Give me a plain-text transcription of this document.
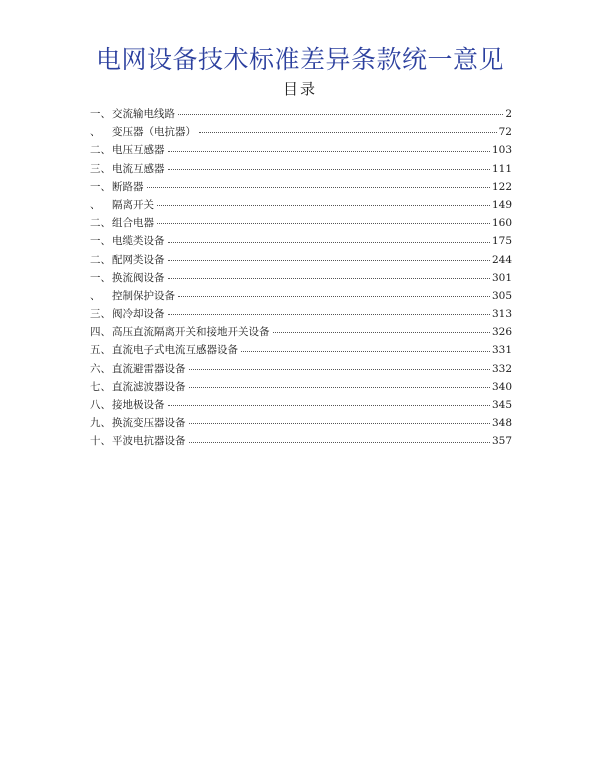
电网设备技术标准差异条款统一意见
目录
一、 交流输电线路	2
、	变压器（电抗器）	72
二、 电压互感器	103
三、 电流互感器	111
一、 断路器	122
、	隔离开关	149
二、 组合电器	160
一、 电缆类设备	175
二、 配网类设备	244
一、 换流阀设备	301
、	控制保护设备	305
三、 阀冷却设备	313
四、 高压直流隔离开关和接地开关设备	326
五、 直流电子式电流互感器设备	331
六、 直流避雷器设备	332
七、 直流滤波器设备	340
八、 接地极设备	345
九、 换流变压器设备	348
十、 平波电抗器设备	357
